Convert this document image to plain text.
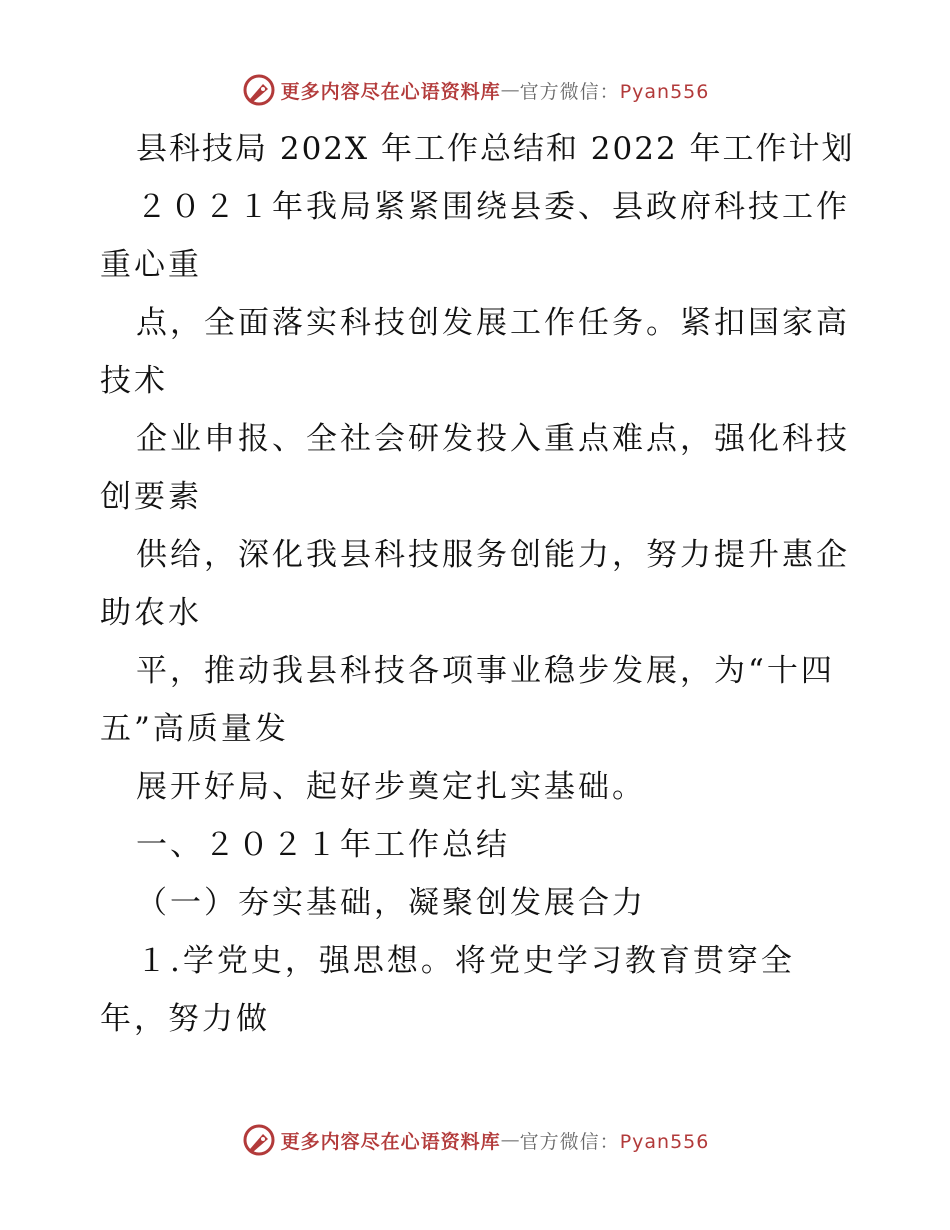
更多内容尽在心语资料库 — 官方微信：Pyan556
县科技局 202X 年工作总结和 2022 年工作计划
２０２１年我局紧紧围绕县委、县政府科技工作
重心重
点，全面落实科技创发展工作任务。紧扣国家高
技术
企业申报、全社会研发投入重点难点，强化科技
创要素
供给，深化我县科技服务创能力，努力提升惠企
助农水
平，推动我县科技各项事业稳步发展，为“十四
五”高质量发
展开好局、起好步奠定扎实基础。
一、２０２１年工作总结
（一）夯实基础，凝聚创发展合力
１.学党史，强思想。将党史学习教育贯穿全
年，努力做
更多内容尽在心语资料库 — 官方微信：Pyan556
